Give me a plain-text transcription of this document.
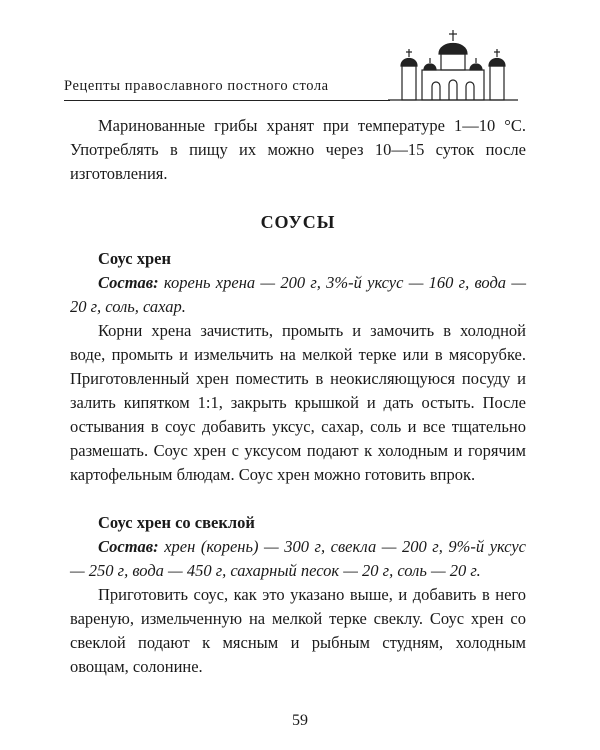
Рецепты православного постного стола

Маринованные грибы хранят при температуре 1—10 °С. Употреблять в пищу их можно через 10—15 суток после изготовления.

СОУСЫ

Соус хрен

Состав: корень хрена — 200 г, 3%-й уксус — 160 г, вода — 20 г, соль, сахар.

Корни хрена зачистить, промыть и замочить в холодной воде, промыть и измельчить на мелкой терке или в мясорубке. Приготовленный хрен поместить в неокисляющуюся посуду и залить кипятком 1:1, закрыть крышкой и дать остыть. После остывания в соус добавить уксус, сахар, соль и все тщательно размешать. Соус хрен с уксусом подают к холодным и горячим картофельным блюдам. Соус хрен можно готовить впрок.

Соус хрен со свеклой

Состав: хрен (корень) — 300 г, свекла — 200 г, 9%-й уксус — 250 г, вода — 450 г, сахарный песок — 20 г, соль — 20 г.

Приготовить соус, как это указано выше, и добавить в него вареную, измельченную на мелкой терке свеклу. Соус хрен со свеклой подают к мясным и рыбным студням, холодным овощам, солонине.

59
